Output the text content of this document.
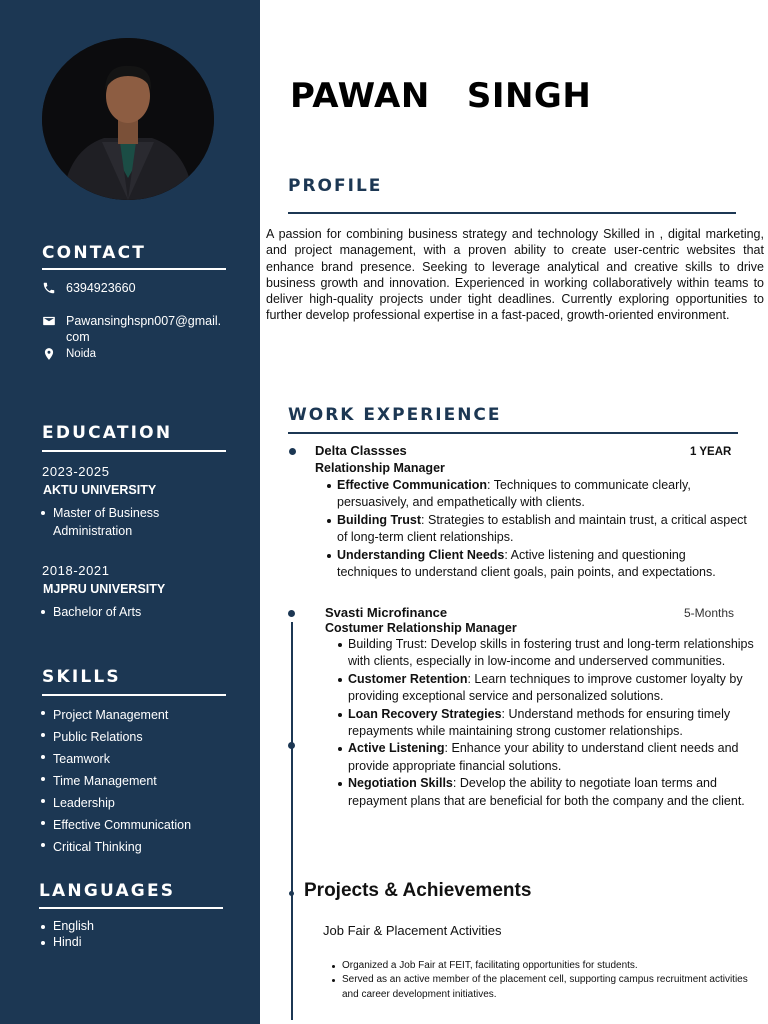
CONTACT
6394923660
Pawansinghspn007@gmail.
com
Noida
EDUCATION
2023-2025
AKTU UNIVERSITY
Master of Business
Administration
2018-2021
MJPRU UNIVERSITY
Bachelor of Arts
SKILLS
Project Management
Public Relations
Teamwork
Time Management
Leadership
Effective Communication
Critical Thinking
LANGUAGES
English
Hindi
PAWAN SINGH
PROFILE
A passion for combining business strategy and technology Skilled in , digital marketing, and project management, with a proven ability to create user-centric websites that enhance brand presence. Seeking to leverage analytical and creative skills to drive business growth and innovation. Experienced in working collaboratively within teams to deliver high-quality projects under tight deadlines. Currently exploring opportunities to further develop professional expertise in a fast-paced, growth-oriented environment.
WORK EXPERIENCE
Delta Classses	1 YEAR
Relationship Manager
Effective Communication: Techniques to communicate clearly, persuasively, and empathetically with clients.
Building Trust: Strategies to establish and maintain trust, a critical aspect of long-term client relationships.
Understanding Client Needs: Active listening and questioning techniques to understand client goals, pain points, and expectations.
Svasti Microfinance	5-Months
Costumer Relationship Manager
Building Trust: Develop skills in fostering trust and long-term relationships with clients, especially in low-income and underserved communities.
Customer Retention: Learn techniques to improve customer loyalty by providing exceptional service and personalized solutions.
Loan Recovery Strategies: Understand methods for ensuring timely repayments while maintaining strong customer relationships.
Active Listening: Enhance your ability to understand client needs and provide appropriate financial solutions.
Negotiation Skills: Develop the ability to negotiate loan terms and repayment plans that are beneficial for both the company and the client.
Projects & Achievements
Job Fair & Placement Activities
Organized a Job Fair at FEIT, facilitating opportunities for students.
Served as an active member of the placement cell, supporting campus recruitment activities and career development initiatives.
